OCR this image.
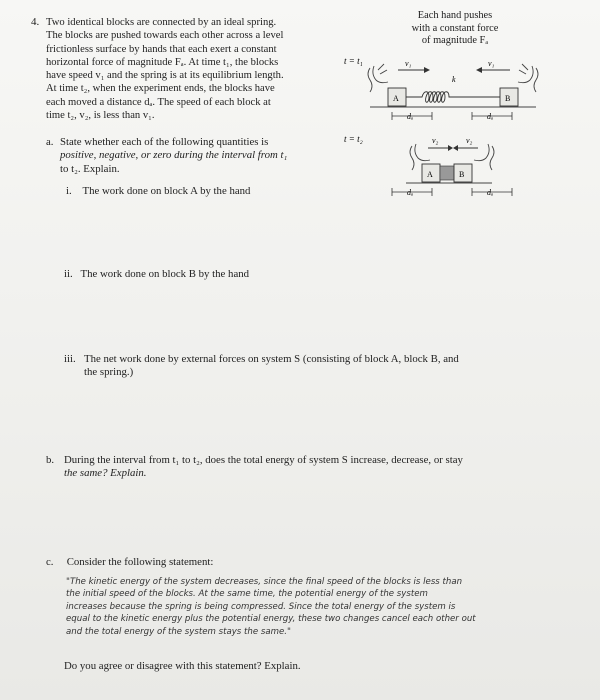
4. Two identical blocks are connected by an ideal spring.
The blocks are pushed towards each other across a level
frictionless surface by hands that each exert a constant
horizontal force of magnitude Fₐ. At time t₁, the blocks
have speed v₁ and the spring is at its equilibrium length.
At time t₂, when the experiment ends, the blocks have
each moved a distance dₐ. The speed of each block at
time t₂, v₂, is less than v₁.
Each hand pushes
with a constant force
of magnitude Fₐ
t = t₁	v₁	v₁
A
k
B
dₐ	dₐ
t = t₂	v₂	v₂
A	B
dₐ	dₐ
a. State whether each of the following quantities is
positive, negative, or zero during the interval from t₁
to t₂. Explain.
i. The work done on block A by the hand
ii. The work done on block B by the hand
iii. The net work done by external forces on system S (consisting of block A, block B, and
the spring.)
b. During the interval from t₁ to t₂, does the total energy of system S increase, decrease, or stay
the same? Explain.
c. Consider the following statement:
"The kinetic energy of the system decreases, since the final speed of the blocks is less than
the initial speed of the blocks. At the same time, the potential energy of the system
increases because the spring is being compressed. Since the total energy of the system is
equal to the kinetic energy plus the potential energy, these two changes cancel each other out
and the total energy of the system stays the same."
Do you agree or disagree with this statement? Explain.
